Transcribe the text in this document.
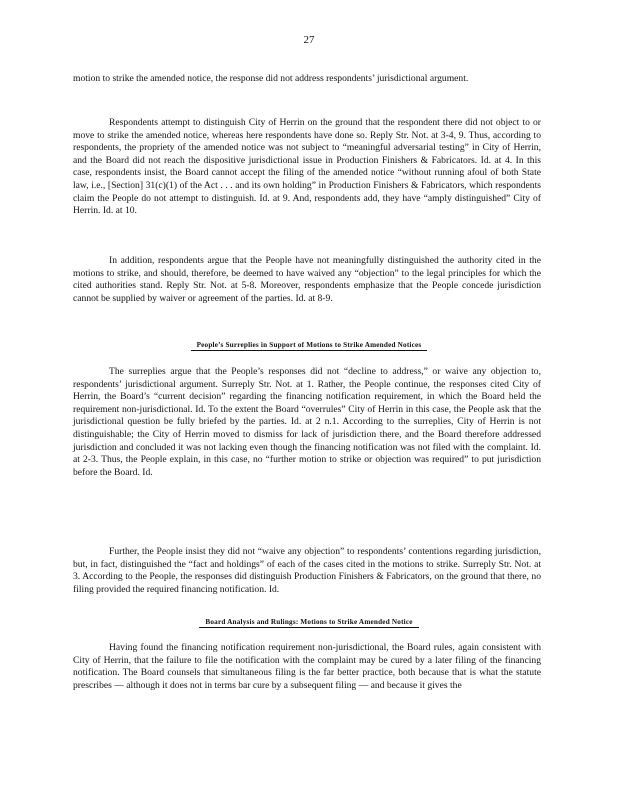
27

motion to strike the amended notice, the response did not address respondents’ jurisdictional argument.

Respondents attempt to distinguish City of Herrin on the ground that the respondent there did not object to or move to strike the amended notice, whereas here respondents have done so. Reply Str. Not. at 3-4, 9. Thus, according to respondents, the propriety of the amended notice was not subject to “meaningful adversarial testing” in City of Herrin, and the Board did not reach the dispositive jurisdictional issue in Production Finishers & Fabricators. Id. at 4. In this case, respondents insist, the Board cannot accept the filing of the amended notice “without running afoul of both State law, i.e., [Section] 31(c)(1) of the Act . . . and its own holding” in Production Finishers & Fabricators, which respondents claim the People do not attempt to distinguish. Id. at 9. And, respondents add, they have “amply distinguished” City of Herrin. Id. at 10.

In addition, respondents argue that the People have not meaningfully distinguished the authority cited in the motions to strike, and should, therefore, be deemed to have waived any “objection” to the legal principles for which the cited authorities stand. Reply Str. Not. at 5-8. Moreover, respondents emphasize that the People concede jurisdiction cannot be supplied by waiver or agreement of the parties. Id. at 8-9.

People’s Surreplies in Support of Motions to Strike Amended Notices

The surreplies argue that the People’s responses did not “decline to address,” or waive any objection to, respondents’ jurisdictional argument. Surreply Str. Not. at 1. Rather, the People continue, the responses cited City of Herrin, the Board’s “current decision” regarding the financing notification requirement, in which the Board held the requirement non-jurisdictional. Id. To the extent the Board “overrules” City of Herrin in this case, the People ask that the jurisdictional question be fully briefed by the parties. Id. at 2 n.1. According to the surreplies, City of Herrin is not distinguishable; the City of Herrin moved to dismiss for lack of jurisdiction there, and the Board therefore addressed jurisdiction and concluded it was not lacking even though the financing notification was not filed with the complaint. Id. at 2-3. Thus, the People explain, in this case, no “further motion to strike or objection was required” to put jurisdiction before the Board. Id.

Further, the People insist they did not “waive any objection” to respondents’ contentions regarding jurisdiction, but, in fact, distinguished the “fact and holdings” of each of the cases cited in the motions to strike. Surreply Str. Not. at 3. According to the People, the responses did distinguish Production Finishers & Fabricators, on the ground that there, no filing provided the required financing notification. Id.

Board Analysis and Rulings: Motions to Strike Amended Notice

Having found the financing notification requirement non-jurisdictional, the Board rules, again consistent with City of Herrin, that the failure to file the notification with the complaint may be cured by a later filing of the financing notification. The Board counsels that simultaneous filing is the far better practice, both because that is what the statute prescribes — although it does not in terms bar cure by a subsequent filing — and because it gives the
